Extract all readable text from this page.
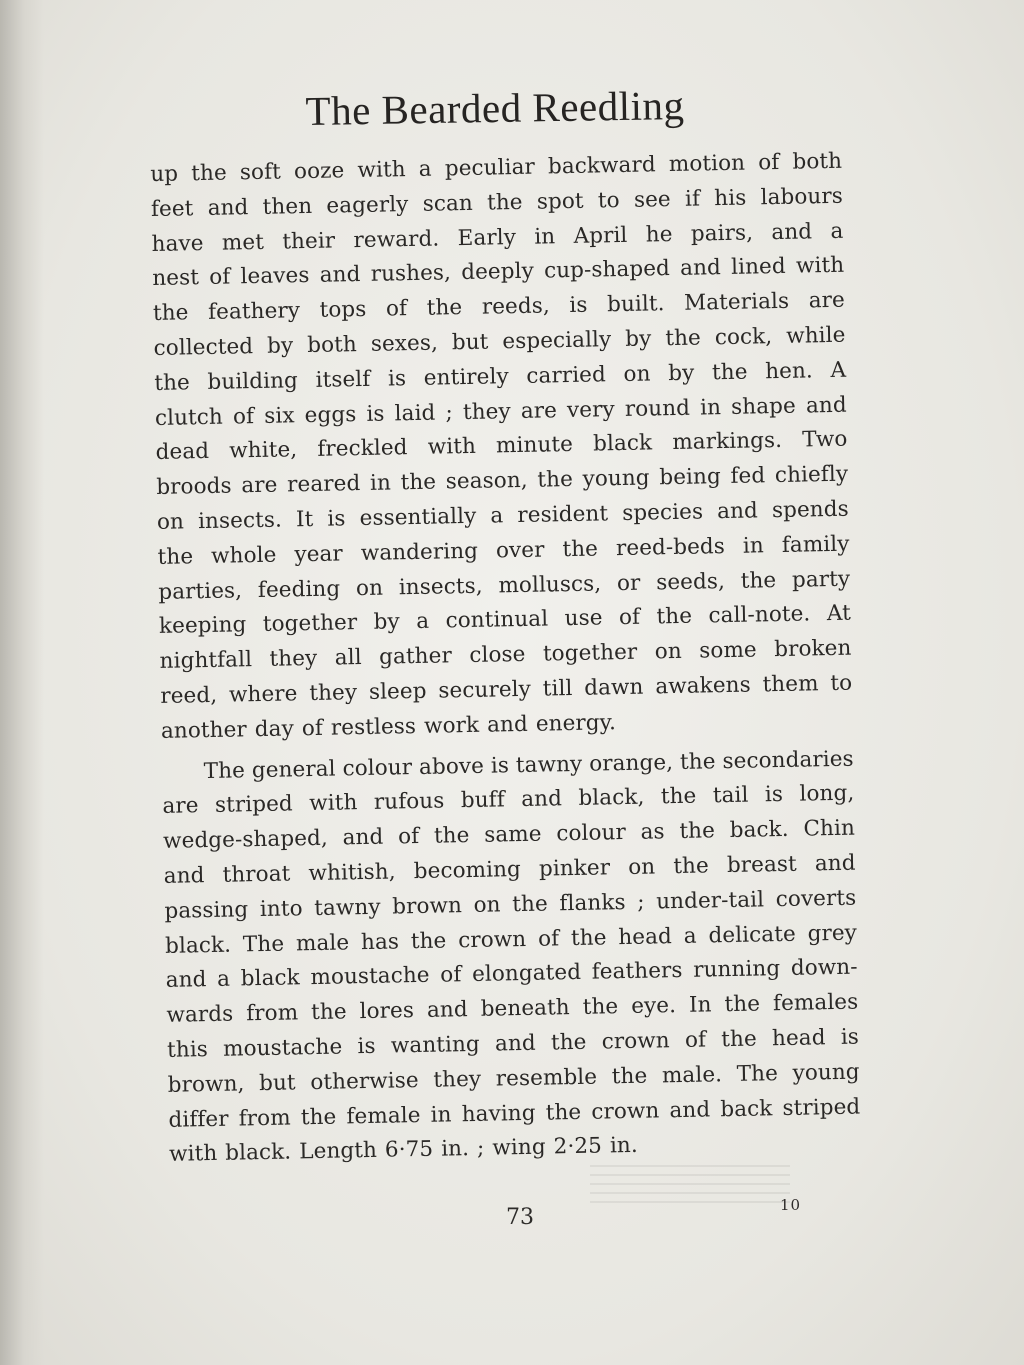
The Bearded Reedling
up the soft ooze with a peculiar backward motion of both
feet and then eagerly scan the spot to see if his labours
have met their reward. Early in April he pairs, and a
nest of leaves and rushes, deeply cup-shaped and lined with
the feathery tops of the reeds, is built. Materials are
collected by both sexes, but especially by the cock, while
the building itself is entirely carried on by the hen. A
clutch of six eggs is laid ; they are very round in shape and
dead white, freckled with minute black markings. Two
broods are reared in the season, the young being fed chiefly
on insects. It is essentially a resident species and spends
the whole year wandering over the reed-beds in family
parties, feeding on insects, molluscs, or seeds, the party
keeping together by a continual use of the call-note. At
nightfall they all gather close together on some broken
reed, where they sleep securely till dawn awakens them to
another day of restless work and energy.
The general colour above is tawny orange, the secondaries
are striped with rufous buff and black, the tail is long,
wedge-shaped, and of the same colour as the back. Chin
and throat whitish, becoming pinker on the breast and
passing into tawny brown on the flanks ; under-tail coverts
black. The male has the crown of the head a delicate grey
and a black moustache of elongated feathers running down-
wards from the lores and beneath the eye. In the females
this moustache is wanting and the crown of the head is
brown, but otherwise they resemble the male. The young
differ from the female in having the crown and back striped
with black. Length 6·75 in. ; wing 2·25 in.
73	10
